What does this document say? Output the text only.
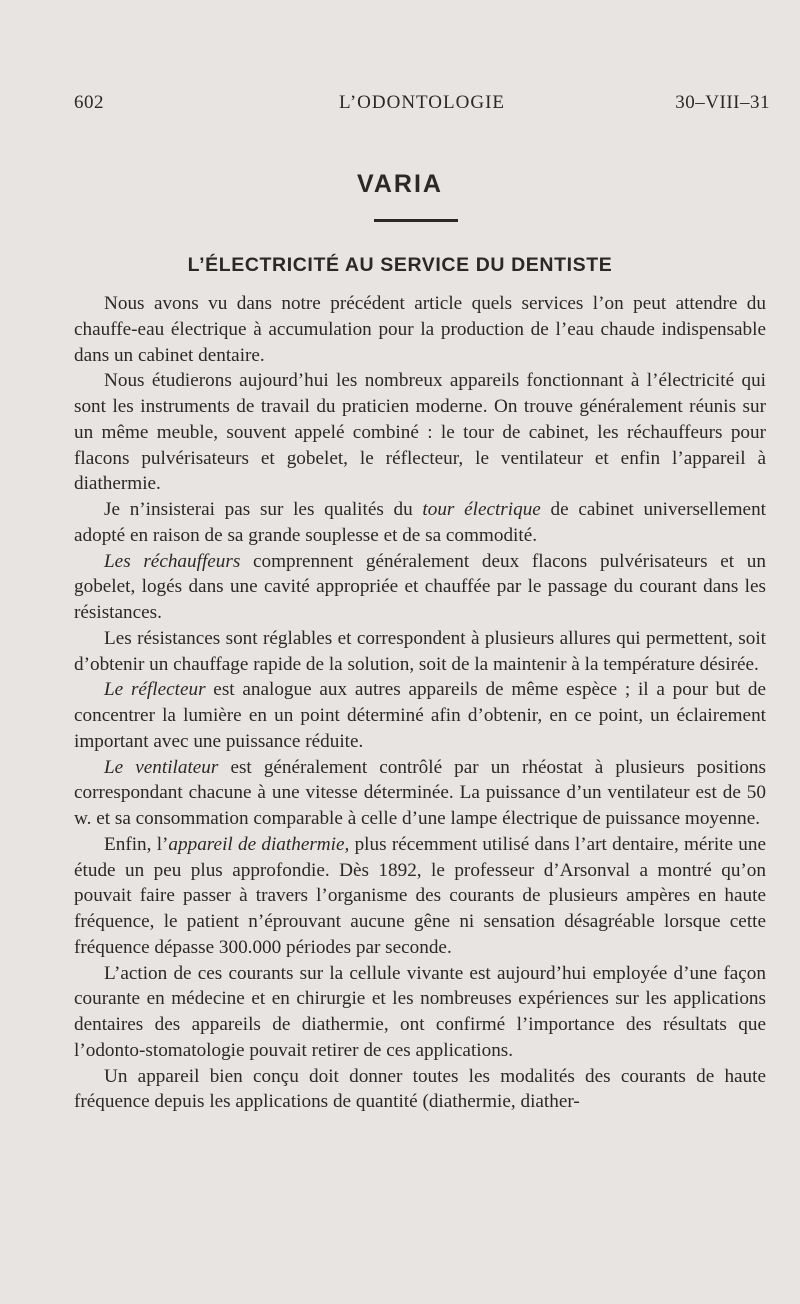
602	L’ODONTOLOGIE	30–VIII–31
VARIA
L’ÉLECTRICITÉ AU SERVICE DU DENTISTE

Nous avons vu dans notre précédent article quels services l’on peut attendre du chauffe-eau électrique à accumulation pour la production de l’eau chaude indispensable dans un cabinet dentaire.

Nous étudierons aujourd’hui les nombreux appareils fonctionnant à l’électricité qui sont les instruments de travail du praticien moderne. On trouve généralement réunis sur un même meuble, souvent appelé combiné : le tour de cabinet, les réchauffeurs pour flacons pulvérisateurs et gobelet, le réflecteur, le ventilateur et enfin l’appareil à diathermie.

Je n’insisterai pas sur les qualités du tour électrique de cabinet universellement adopté en raison de sa grande souplesse et de sa commodité.

Les réchauffeurs comprennent généralement deux flacons pulvérisateurs et un gobelet, logés dans une cavité appropriée et chauffée par le passage du courant dans les résistances.

Les résistances sont réglables et correspondent à plusieurs allures qui permettent, soit d’obtenir un chauffage rapide de la solution, soit de la maintenir à la température désirée.

Le réflecteur est analogue aux autres appareils de même espèce ; il a pour but de concentrer la lumière en un point déterminé afin d’obtenir, en ce point, un éclairement important avec une puissance réduite.

Le ventilateur est généralement contrôlé par un rhéostat à plusieurs positions correspondant chacune à une vitesse déterminée. La puissance d’un ventilateur est de 50 w. et sa consommation comparable à celle d’une lampe électrique de puissance moyenne.

Enfin, l’appareil de diathermie, plus récemment utilisé dans l’art dentaire, mérite une étude un peu plus approfondie. Dès 1892, le professeur d’Arsonval a montré qu’on pouvait faire passer à travers l’organisme des courants de plusieurs ampères en haute fréquence, le patient n’éprouvant aucune gêne ni sensation désagréable lorsque cette fréquence dépasse 300.000 périodes par seconde.

L’action de ces courants sur la cellule vivante est aujourd’hui employée d’une façon courante en médecine et en chirurgie et les nombreuses expériences sur les applications dentaires des appareils de diathermie, ont confirmé l’importance des résultats que l’odonto-stomatologie pouvait retirer de ces applications.

Un appareil bien conçu doit donner toutes les modalités des courants de haute fréquence depuis les applications de quantité (diathermie, diather-
